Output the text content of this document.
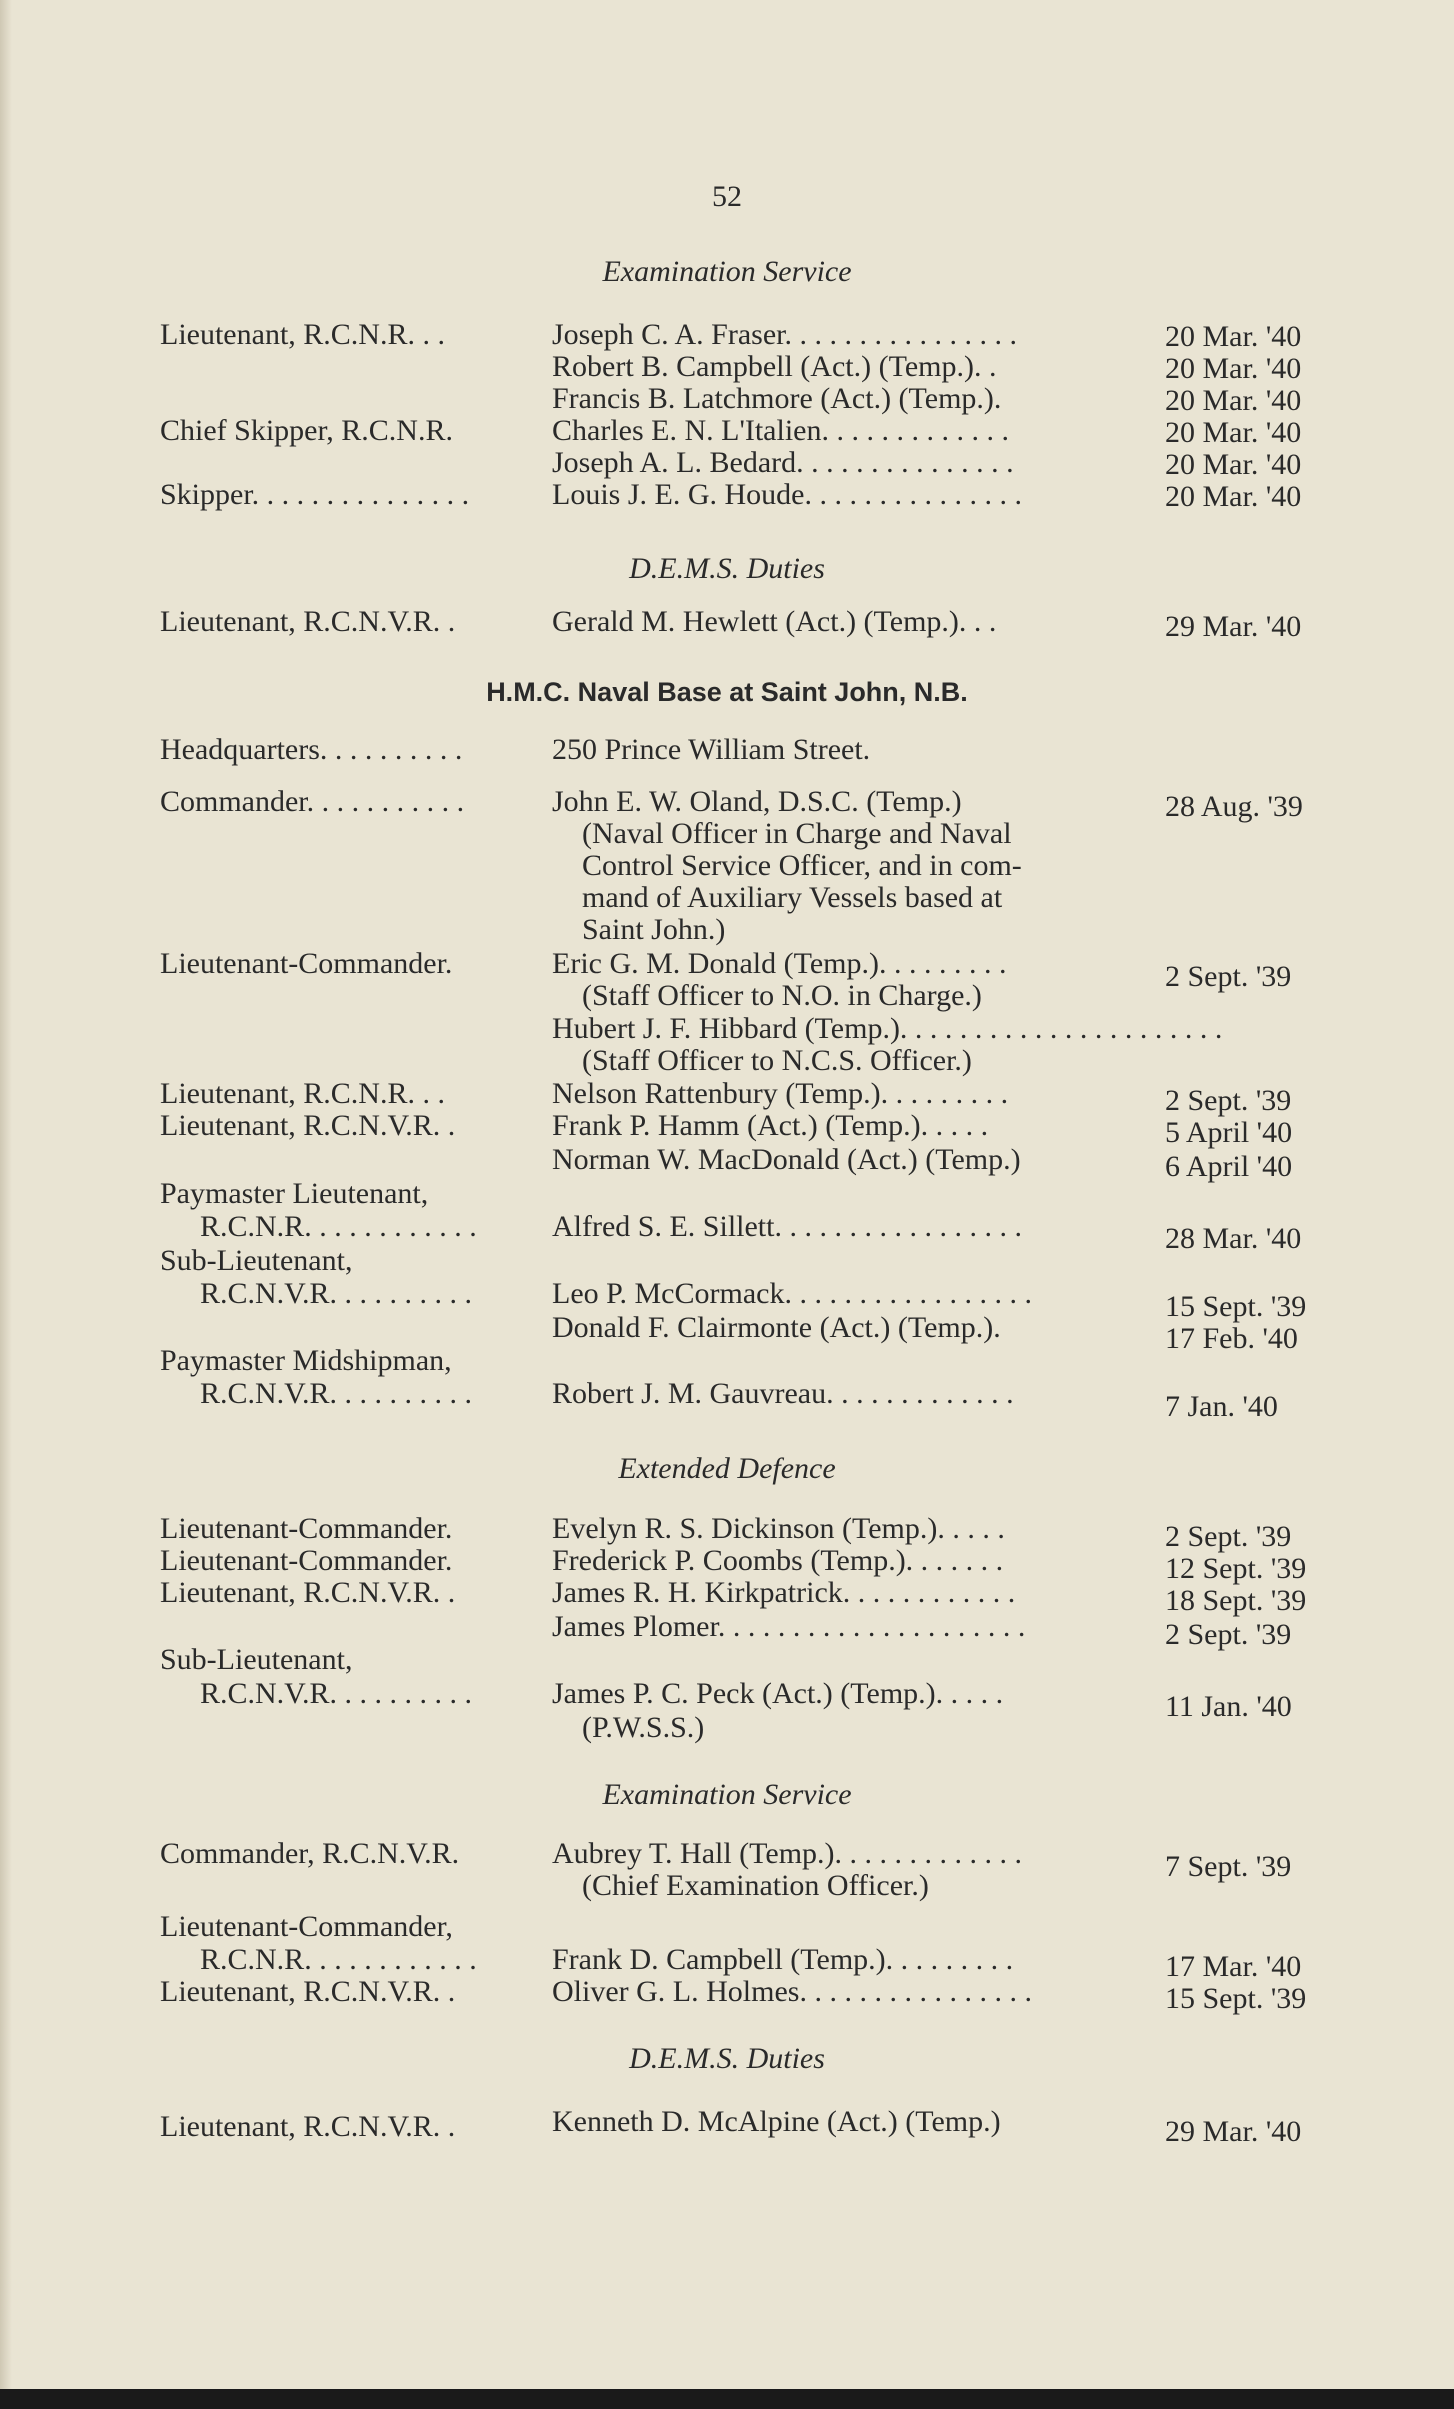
52
Examination Service
Lieutenant, R.C.N.R. . .	Joseph C. A. Fraser. . . . . . . . . . . . . . . .	20 Mar. '40
Robert B. Campbell (Act.) (Temp.). .	20 Mar. '40
Francis B. Latchmore (Act.) (Temp.).	20 Mar. '40
Chief Skipper, R.C.N.R.	Charles E. N. L'Italien. . . . . . . . . . . . .	20 Mar. '40
Joseph A. L. Bedard. . . . . . . . . . . . . . .	20 Mar. '40
Skipper. . . . . . . . . . . . . . .	Louis J. E. G. Houde. . . . . . . . . . . . . . .	20 Mar. '40
D.E.M.S. Duties
Lieutenant, R.C.N.V.R. .	Gerald M. Hewlett (Act.) (Temp.). . .	29 Mar. '40
H.M.C. Naval Base at Saint John, N.B.
Headquarters. . . . . . . . . .	250 Prince William Street.
Commander. . . . . . . . . . .	John E. W. Oland, D.S.C. (Temp.)	28 Aug. '39
(Naval Officer in Charge and Naval
Control Service Officer, and in com-
mand of Auxiliary Vessels based at
Saint John.)
Lieutenant-Commander.	Eric G. M. Donald (Temp.). . . . . . . . .	2 Sept. '39
(Staff Officer to N.O. in Charge.)
Hubert J. F. Hibbard (Temp.). . . . . . . . . . . . . . . . . . . . . .
(Staff Officer to N.C.S. Officer.)
Lieutenant, R.C.N.R. . .	Nelson Rattenbury (Temp.). . . . . . . . .	2 Sept. '39
Lieutenant, R.C.N.V.R. .	Frank P. Hamm (Act.) (Temp.). . . . .	5 April '40
Norman W. MacDonald (Act.) (Temp.)	6 April '40
Paymaster Lieutenant,
R.C.N.R. . . . . . . . . . . .	Alfred S. E. Sillett. . . . . . . . . . . . . . . . .	28 Mar. '40
Sub-Lieutenant,
R.C.N.V.R. . . . . . . . . .	Leo P. McCormack. . . . . . . . . . . . . . . . .	15 Sept. '39
Donald F. Clairmonte (Act.) (Temp.).	17 Feb. '40
Paymaster Midshipman,
R.C.N.V.R. . . . . . . . . .	Robert J. M. Gauvreau. . . . . . . . . . . . .	7 Jan. '40
Extended Defence
Lieutenant-Commander.	Evelyn R. S. Dickinson (Temp.). . . . .	2 Sept. '39
Lieutenant-Commander.	Frederick P. Coombs (Temp.). . . . . . .	12 Sept. '39
Lieutenant, R.C.N.V.R. .	James R. H. Kirkpatrick. . . . . . . . . . . .	18 Sept. '39
James Plomer. . . . . . . . . . . . . . . . . . . . .	2 Sept. '39
Sub-Lieutenant,
R.C.N.V.R. . . . . . . . . .	James P. C. Peck (Act.) (Temp.). . . . .	11 Jan. '40
(P.W.S.S.)
Examination Service
Commander, R.C.N.V.R.	Aubrey T. Hall (Temp.). . . . . . . . . . . . .	7 Sept. '39
(Chief Examination Officer.)
Lieutenant-Commander,
R.C.N.R. . . . . . . . . . . .	Frank D. Campbell (Temp.). . . . . . . . .	17 Mar. '40
Lieutenant, R.C.N.V.R. .	Oliver G. L. Holmes. . . . . . . . . . . . . . . .	15 Sept. '39
D.E.M.S. Duties
Lieutenant, R.C.N.V.R. .	Kenneth D. McAlpine (Act.) (Temp.)	29 Mar. '40
